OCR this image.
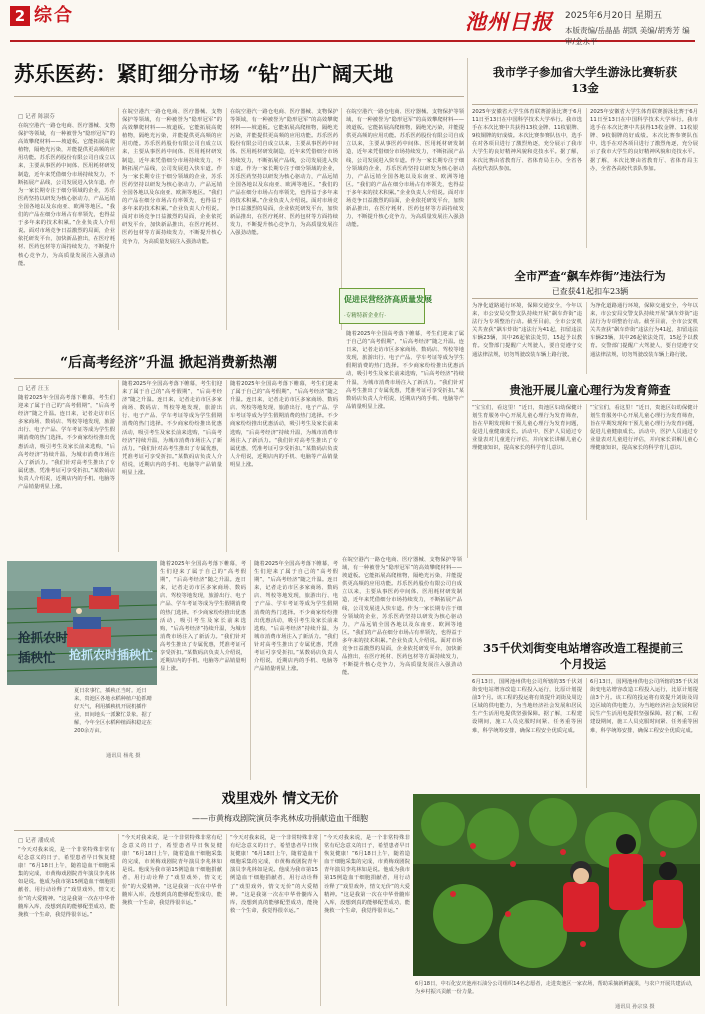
2 综合	池州日报 2025年6月20日 星期五
本版责编/岳晶晶 胡凯 美编/胡秀芳 编审/金永平
苏乐医药：紧盯细分市场 “钻”出广阔天地
□ 记者 陈淑芬
在皖空港汽一路仓电商、医疗器械、支物保护等领域，有一种被誉为“隐形冠军”的高效攀爬材料——坡道板。它能拓展高爬植物，隔绝光污染，并能提供更高频的应用功能。苏乐医药股份有限公司自成立以来，主要从事医药中间体、医用耗材研发制造，近年来凭借细分市场持续发力，不断拓展产品线，公司发展进入快车道。作为一家长期专注于细分领域的企业，苏乐医药坚持以研发为核心驱动力，产品远销全国各地以及东南亚、欧洲等地区。“我们的产品在细分市场占有率领先，也得益于多年来的技术积累。”企业负责人介绍说。面对市场竞争日益激烈的局面，企业依托研发平台，加快新品推出，在医疗耗材、医药包材等方面持续发力，不断提升核心竞争力，为高质量发展注入强劲动能。
在皖空港汽一路仓电商、医疗器械、支物保护等领域，有一种被誉为“隐形冠军”的高效攀爬材料——坡道板。它能拓展高爬植物，隔绝光污染，并能提供更高频的应用功能。苏乐医药股份有限公司自成立以来，主要从事医药中间体、医用耗材研发制造，近年来凭借细分市场持续发力，不断拓展产品线，公司发展进入快车道。作为一家长期专注于细分领域的企业，苏乐医药坚持以研发为核心驱动力，产品远销全国各地以及东南亚、欧洲等地区。“我们的产品在细分市场占有率领先，也得益于多年来的技术积累。”企业负责人介绍说。面对市场竞争日益激烈的局面，企业依托研发平台，加快新品推出，在医疗耗材、医药包材等方面持续发力，不断提升核心竞争力，为高质量发展注入强劲动能。
在皖空港汽一路仓电商、医疗器械、支物保护等领域，有一种被誉为“隐形冠军”的高效攀爬材料——坡道板。它能拓展高爬植物，隔绝光污染，并能提供更高频的应用功能。苏乐医药股份有限公司自成立以来，主要从事医药中间体、医用耗材研发制造，近年来凭借细分市场持续发力，不断拓展产品线，公司发展进入快车道。作为一家长期专注于细分领域的企业，苏乐医药坚持以研发为核心驱动力，产品远销全国各地以及东南亚、欧洲等地区。“我们的产品在细分市场占有率领先，也得益于多年来的技术积累。”企业负责人介绍说。面对市场竞争日益激烈的局面，企业依托研发平台，加快新品推出，在医疗耗材、医药包材等方面持续发力，不断提升核心竞争力，为高质量发展注入强劲动能。
“后高考经济”升温 掀起消费新热潮
□ 记者 汪玉
随着2025年全国高考落下帷幕，考生们迎来了属于自己的“高考假期”，“后高考经济”随之升温。连日来，记者走访市区多家商场、数码店、驾校等地发现，旅游出行、电子产品、学车考证等成为学生假期消费的热门选择。不少商家纷纷推出优惠活动，吸引考生及家长前来选购，“后高考经济”持续升温，为城市消费市场注入了新活力。“我们针对高考生推出了专属优惠，凭准考证可享受折扣。”某数码店负责人介绍说，近期店内的手机、电脑等产品销量明显上涨。
随着2025年全国高考落下帷幕，考生们迎来了属于自己的“高考假期”，“后高考经济”随之升温。连日来，记者走访市区多家商场、数码店、驾校等地发现，旅游出行、电子产品、学车考证等成为学生假期消费的热门选择。不少商家纷纷推出优惠活动，吸引考生及家长前来选购，“后高考经济”持续升温，为城市消费市场注入了新活力。“我们针对高考生推出了专属优惠，凭准考证可享受折扣。”某数码店负责人介绍说，近期店内的手机、电脑等产品销量明显上涨。
随着2025年全国高考落下帷幕，考生们迎来了属于自己的“高考假期”，“后高考经济”随之升温。连日来，记者走访市区多家商场、数码店、驾校等地发现，旅游出行、电子产品、学车考证等成为学生假期消费的热门选择。不少商家纷纷推出优惠活动，吸引考生及家长前来选购，“后高考经济”持续升温，为城市消费市场注入了新活力。“我们针对高考生推出了专属优惠，凭准考证可享受折扣。”某数码店负责人介绍说，近期店内的手机、电脑等产品销量明显上涨。
在皖空港汽一路仓电商、医疗器械、支物保护等领域，有一种被誉为“隐形冠军”的高效攀爬材料——坡道板。它能拓展高爬植物，隔绝光污染，并能提供更高频的应用功能。苏乐医药股份有限公司自成立以来，主要从事医药中间体、医用耗材研发制造，近年来凭借细分市场持续发力，不断拓展产品线，公司发展进入快车道。作为一家长期专注于细分领域的企业，苏乐医药坚持以研发为核心驱动力，产品远销全国各地以及东南亚、欧洲等地区。“我们的产品在细分市场占有率领先，也得益于多年来的技术积累。”企业负责人介绍说。面对市场竞争日益激烈的局面，企业依托研发平台，加快新品推出，在医疗耗材、医药包材等方面持续发力，不断提升核心竞争力，为高质量发展注入强劲动能。
随着2025年全国高考落下帷幕，考生们迎来了属于自己的“高考假期”，“后高考经济”随之升温。连日来，记者走访市区多家商场、数码店、驾校等地发现，旅游出行、电子产品、学车考证等成为学生假期消费的热门选择。不少商家纷纷推出优惠活动，吸引考生及家长前来选购，“后高考经济”持续升温，为城市消费市场注入了新活力。“我们针对高考生推出了专属优惠，凭准考证可享受折扣。”某数码店负责人介绍说，近期店内的手机、电脑等产品销量明显上涨。
促进民营经济高质量发展
·专精特新企业行·
抢抓农时插秧忙
抢抓农时插秧忙
夏日农事忙，插秧正当时。近日来，贵池区各地水稻种植户抢抓晴好天气，利用插秧机开展机插作业，田间地头一派繁忙景象。据了解，今年全区水稻种植面积稳定在200余万亩。
通讯员 杨兆 摄
戏里戏外 情文无价
——市黄梅戏剧院演员李兆林成功捐献造血干细胞
□ 记者 潘成成
“今天对我来说，是一个非常特殊非常有纪念意义的日子，希望患者早日恢复健康！”6月18日上午，随着造血干细胞采集的完成，市黄梅戏剧院青年演员李兆林如是说。他成为我市第15例造血干细胞捐献者，用行动诠释了“戏里戏外，情文无价”的大爱精神。“这是我第一次在中华骨髓库入库，没想到真的能够配型成功，能挽救一个生命，我觉得很幸运。”
“今天对我来说，是一个非常特殊非常有纪念意义的日子，希望患者早日恢复健康！”6月18日上午，随着造血干细胞采集的完成，市黄梅戏剧院青年演员李兆林如是说。他成为我市第15例造血干细胞捐献者，用行动诠释了“戏里戏外，情文无价”的大爱精神。“这是我第一次在中华骨髓库入库，没想到真的能够配型成功，能挽救一个生命，我觉得很幸运。”
“今天对我来说，是一个非常特殊非常有纪念意义的日子，希望患者早日恢复健康！”6月18日上午，随着造血干细胞采集的完成，市黄梅戏剧院青年演员李兆林如是说。他成为我市第15例造血干细胞捐献者，用行动诠释了“戏里戏外，情文无价”的大爱精神。“这是我第一次在中华骨髓库入库，没想到真的能够配型成功，能挽救一个生命，我觉得很幸运。”
“今天对我来说，是一个非常特殊非常有纪念意义的日子，希望患者早日恢复健康！”6月18日上午，随着造血干细胞采集的完成，市黄梅戏剧院青年演员李兆林如是说。他成为我市第15例造血干细胞捐献者，用行动诠释了“戏里戏外，情文无价”的大爱精神。“这是我第一次在中华骨髓库入库，没想到真的能够配型成功，能挽救一个生命，我觉得很幸运。”
我市学子参加省大学生游泳比赛斩获13金
2025年安徽省大学生体育联赛游泳比赛于6月11日至13日在中国科学技术大学举行。我市选手在本次比赛中共获得13枚金牌、11枚银牌、9枚铜牌的好成绩。本次比赛参赛队伍中，选手在对各项目进行了激烈角逐，充分展示了我市大学生的良好精神风貌和竞技水平。据了解，本次比赛由省教育厅、省体育局主办，全省各高校代表队参加。
2025年安徽省大学生体育联赛游泳比赛于6月11日至13日在中国科学技术大学举行。我市选手在本次比赛中共获得13枚金牌、11枚银牌、9枚铜牌的好成绩。本次比赛参赛队伍中，选手在对各项目进行了激烈角逐，充分展示了我市大学生的良好精神风貌和竞技水平。据了解，本次比赛由省教育厅、省体育局主办，全省各高校代表队参加。
全市严查“飙车炸街”违法行为
已查获41起扣车23辆
为净化道路通行环境，保障交通安全，今年以来，市公安局交警支队持续开展“飙车炸街”违法行为专项整治行动。截至目前，全市公安机关共查获“飙车炸街”违法行为41起，扣留违法车辆23辆，其中26起依法处罚，15起予以教育。交警部门提醒广大驾驶人，要自觉遵守交通法律法规，切勿驾驶改装车辆上路行驶。
为净化道路通行环境，保障交通安全，今年以来，市公安局交警支队持续开展“飙车炸街”违法行为专项整治行动。截至目前，全市公安机关共查获“飙车炸街”违法行为41起，扣留违法车辆23辆，其中26起依法处罚，15起予以教育。交警部门提醒广大驾驶人，要自觉遵守交通法律法规，切勿驾驶改装车辆上路行驶。
贵池开展儿童心理行为发育筛查
“宝宝们，看这里！”近日，贵池区妇幼保健计划生育服务中心开展儿童心理行为发育筛查，旨在早期发现和干预儿童心理行为发育问题，促进儿童健康成长。活动中，医护人员通过专业量表对儿童进行评估，并向家长讲解儿童心理健康知识，提高家长的科学育儿意识。
“宝宝们，看这里！”近日，贵池区妇幼保健计划生育服务中心开展儿童心理行为发育筛查，旨在早期发现和干预儿童心理行为发育问题，促进儿童健康成长。活动中，医护人员通过专业量表对儿童进行评估，并向家长讲解儿童心理健康知识，提高家长的科学育儿意识。
在皖空港汽一路仓电商、医疗器械、支物保护等领域，有一种被誉为“隐形冠军”的高效攀爬材料——坡道板。它能拓展高爬植物，隔绝光污染，并能提供更高频的应用功能。苏乐医药股份有限公司自成立以来，主要从事医药中间体、医用耗材研发制造，近年来凭借细分市场持续发力，不断拓展产品线，公司发展进入快车道。作为一家长期专注于细分领域的企业，苏乐医药坚持以研发为核心驱动力，产品远销全国各地以及东南亚、欧洲等地区。“我们的产品在细分市场占有率领先，也得益于多年来的技术积累。”企业负责人介绍说。面对市场竞争日益激烈的局面，企业依托研发平台，加快新品推出，在医疗耗材、医药包材等方面持续发力，不断提升核心竞争力，为高质量发展注入强劲动能。
35千伏刘街变电站增容改造工程提前三个月投运
6月13日，国网池州供电公司所辖的35千伏刘街变电站增容改造工程投入运行，比原计划提前3个月。该工程的投运将有效提升刘街及周边区域的供电能力，为当地经济社会发展和居民生产生活用电提供坚强保障。据了解，工程建设期间，施工人员克服时间紧、任务重等困难，科学统筹安排，确保工程安全优质完成。
6月13日，国网池州供电公司所辖的35千伏刘街变电站增容改造工程投入运行，比原计划提前3个月。该工程的投运将有效提升刘街及周边区域的供电能力，为当地经济社会发展和居民生产生活用电提供坚强保障。据了解，工程建设期间，施工人员克服时间紧、任务重等困难，科学统筹安排，确保工程安全优质完成。
随着2025年全国高考落下帷幕，考生们迎来了属于自己的“高考假期”，“后高考经济”随之升温。连日来，记者走访市区多家商场、数码店、驾校等地发现，旅游出行、电子产品、学车考证等成为学生假期消费的热门选择。不少商家纷纷推出优惠活动，吸引考生及家长前来选购，“后高考经济”持续升温，为城市消费市场注入了新活力。“我们针对高考生推出了专属优惠，凭准考证可享受折扣。”某数码店负责人介绍说，近期店内的手机、电脑等产品销量明显上涨。
随着2025年全国高考落下帷幕，考生们迎来了属于自己的“高考假期”，“后高考经济”随之升温。连日来，记者走访市区多家商场、数码店、驾校等地发现，旅游出行、电子产品、学车考证等成为学生假期消费的热门选择。不少商家纷纷推出优惠活动，吸引考生及家长前来选购，“后高考经济”持续升温，为城市消费市场注入了新活力。“我们针对高考生推出了专属优惠，凭准考证可享受折扣。”某数码店负责人介绍说，近期店内的手机、电脑等产品销量明显上涨。
6月18日，中石化安庆池州石油分公司组织14名志愿者，走进贵池区一家农场，帮助采摘新鲜蔬果，与农户开展共建活动，为乡村振兴贡献一份力量。
通讯员 孙宗泉 摄
